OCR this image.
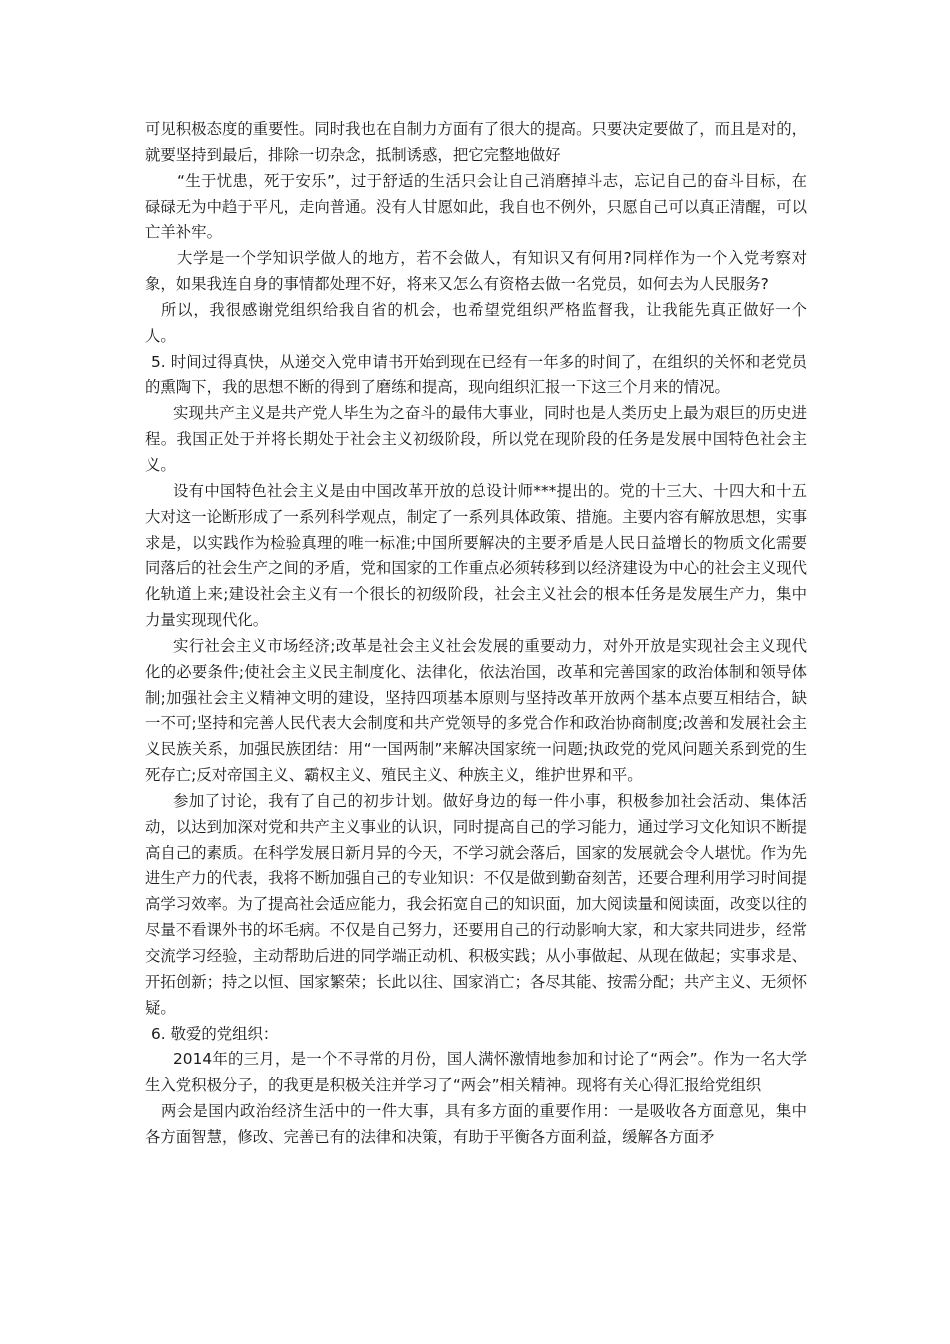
可见积极态度的重要性。同时我也在自制力方面有了很大的提高。只要决定要做了，而且是对的，就要坚持到最后，排除一切杂念，抵制诱惑，把它完整地做好

“生于忧患，死于安乐”，过于舒适的生活只会让自己消磨掉斗志，忘记自己的奋斗目标，在碌碌无为中趋于平凡，走向普通。没有人甘愿如此，我自也不例外，只愿自己可以真正清醒，可以亡羊补牢。

大学是一个学知识学做人的地方，若不会做人，有知识又有何用?同样作为一个入党考察对象，如果我连自身的事情都处理不好，将来又怎么有资格去做一名党员，如何去为人民服务?

所以，我很感谢党组织给我自省的机会，也希望党组织严格监督我，让我能先真正做好一个人。

5. 时间过得真快，从递交入党申请书开始到现在已经有一年多的时间了，在组织的关怀和老党员的熏陶下，我的思想不断的得到了磨练和提高，现向组织汇报一下这三个月来的情况。

实现共产主义是共产党人毕生为之奋斗的最伟大事业，同时也是人类历史上最为艰巨的历史进程。我国正处于并将长期处于社会主义初级阶段，所以党在现阶段的任务是发展中国特色社会主义。

设有中国特色社会主义是由中国改革开放的总设计师***提出的。党的十三大、十四大和十五大对这一论断形成了一系列科学观点，制定了一系列具体政策、措施。主要内容有解放思想，实事求是，以实践作为检验真理的唯一标准;中国所要解决的主要矛盾是人民日益增长的物质文化需要同落后的社会生产之间的矛盾，党和国家的工作重点必须转移到以经济建设为中心的社会主义现代化轨道上来;建设社会主义有一个很长的初级阶段，社会主义社会的根本任务是发展生产力，集中力量实现现代化。

实行社会主义市场经济;改革是社会主义社会发展的重要动力，对外开放是实现社会主义现代化的必要条件;使社会主义民主制度化、法律化，依法治国，改革和完善国家的政治体制和领导体制;加强社会主义精神文明的建设，坚持四项基本原则与坚持改革开放两个基本点要互相结合，缺一不可;坚持和完善人民代表大会制度和共产党领导的多党合作和政治协商制度;改善和发展社会主义民族关系，加强民族团结：用“一国两制”来解决国家统一问题;执政党的党风问题关系到党的生死存亡;反对帝国主义、霸权主义、殖民主义、种族主义，维护世界和平。

参加了讨论，我有了自己的初步计划。做好身边的每一件小事，积极参加社会活动、集体活动，以达到加深对党和共产主义事业的认识，同时提高自己的学习能力，通过学习文化知识不断提高自己的素质。在科学发展日新月异的今天，不学习就会落后，国家的发展就会令人堪忧。作为先进生产力的代表，我将不断加强自己的专业知识：不仅是做到勤奋刻苦，还要合理利用学习时间提高学习效率。为了提高社会适应能力，我会拓宽自己的知识面，加大阅读量和阅读面，改变以往的尽量不看课外书的坏毛病。不仅是自己努力，还要用自己的行动影响大家，和大家共同进步，经常交流学习经验，主动帮助后进的同学端正动机、积极实践；从小事做起、从现在做起；实事求是、开拓创新；持之以恒、国家繁荣；长此以往、国家消亡；各尽其能、按需分配；共产主义、无须怀疑。

6. 敬爱的党组织：

2014年的三月，是一个不寻常的月份，国人满怀激情地参加和讨论了“两会”。作为一名大学生入党积极分子，的我更是积极关注并学习了“两会”相关精神。现将有关心得汇报给党组织

两会是国内政治经济生活中的一件大事，具有多方面的重要作用：一是吸收各方面意见，集中各方面智慧，修改、完善已有的法律和决策，有助于平衡各方面利益，缓解各方面矛
